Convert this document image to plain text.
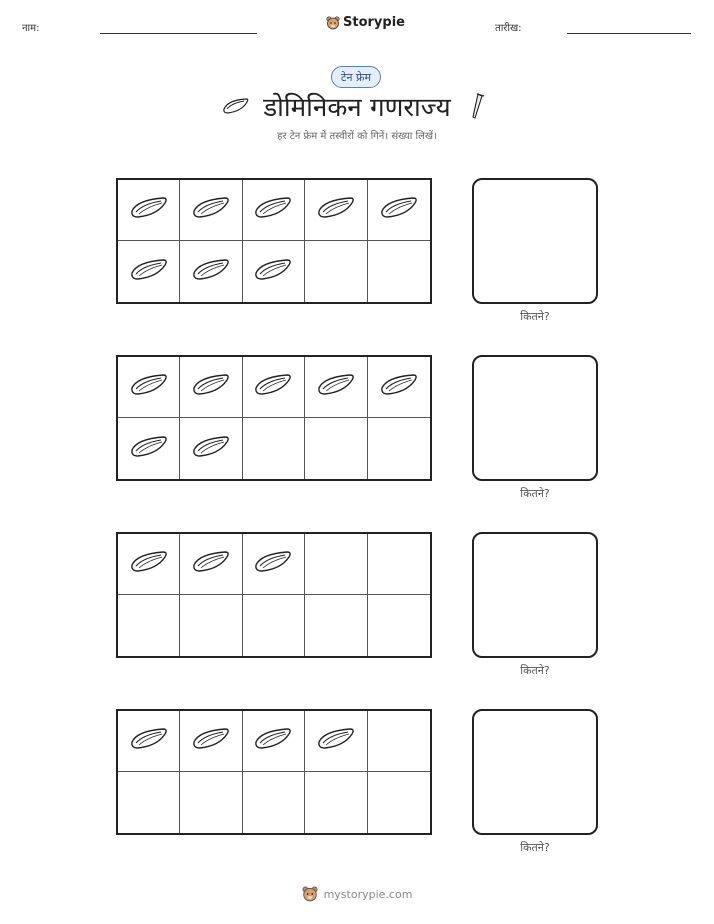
नाम:	Storypie	तारीख:
टेन फ्रेम
डोमिनिकन गणराज्य
हर टेन फ्रेम में तस्वीरों को गिनें। संख्या लिखें।
कितने?
कितने?
कितने?
कितने?
mystorypie.com
